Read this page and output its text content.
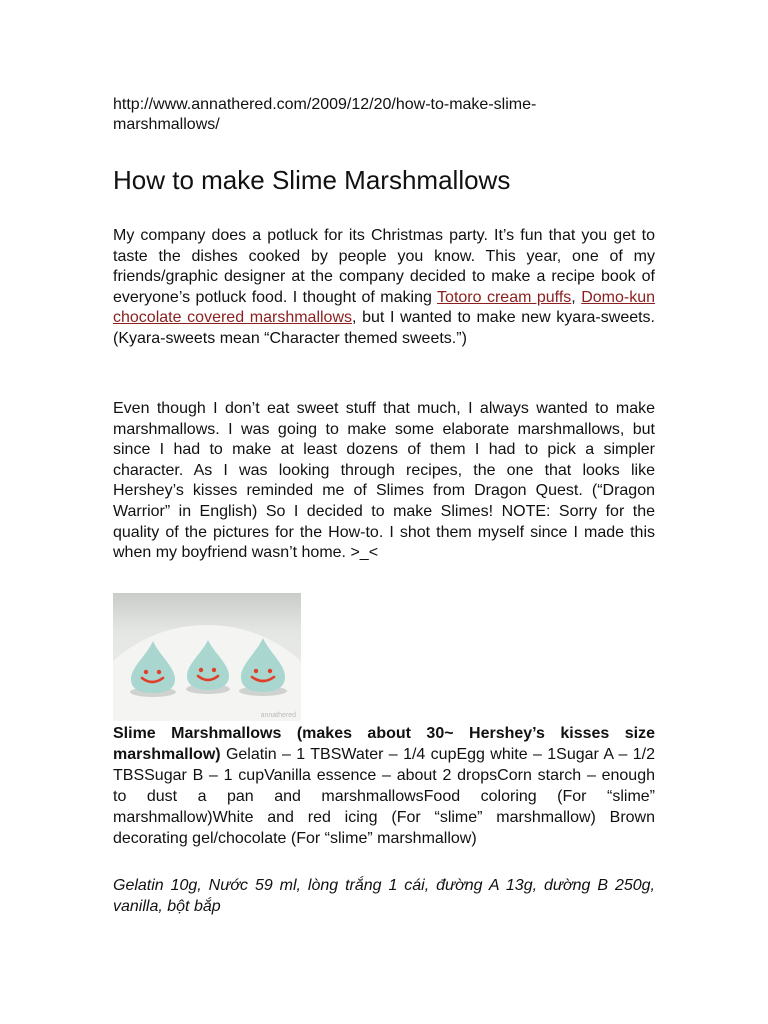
http://www.annathered.com/2009/12/20/how-to-make-slime-marshmallows/
How to make Slime Marshmallows

My company does a potluck for its Christmas party. It’s fun that you get to taste the dishes cooked by people you know. This year, one of my friends/graphic designer at the company decided to make a recipe book of everyone’s potluck food. I thought of making Totoro cream puffs, Domo-kun chocolate covered marshmallows, but I wanted to make new kyara-sweets. (Kyara-sweets mean “Character themed sweets.”)

Even though I don’t eat sweet stuff that much, I always wanted to make marshmallows. I was going to make some elaborate marshmallows, but since I had to make at least dozens of them I had to pick a simpler character. As I was looking through recipes, the one that looks like Hershey’s kisses reminded me of Slimes from Dragon Quest. (“Dragon Warrior” in English) So I decided to make Slimes! NOTE: Sorry for the quality of the pictures for the How-to. I shot them myself since I made this when my boyfriend wasn’t home. >_<

annathered

Slime Marshmallows (makes about 30~ Hershey’s kisses size marshmallow) Gelatin – 1 TBSWater – 1/4 cupEgg white – 1Sugar A – 1/2 TBSSugar B – 1 cupVanilla essence – about 2 dropsCorn starch – enough to dust a pan and marshmallowsFood coloring (For “slime” marshmallow)White and red icing (For “slime” marshmallow) Brown decorating gel/chocolate (For “slime” marshmallow)

Gelatin 10g, Nước 59 ml, lòng trắng 1 cái, đường A 13g, dường B 250g, vanilla, bột bắp
